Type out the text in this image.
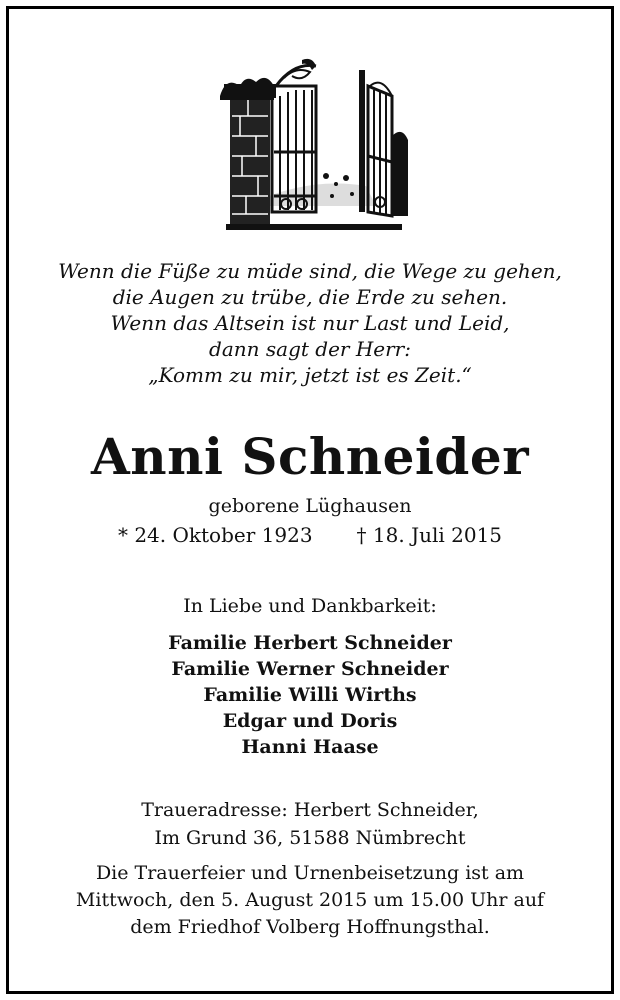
Wenn die Füße zu müde sind, die Wege zu gehen,
die Augen zu trübe, die Erde zu sehen.
Wenn das Altsein ist nur Last und Leid,
dann sagt der Herr:
„Komm zu mir, jetzt ist es Zeit.“
Anni Schneider
geborene Lüghausen
* 24. Oktober 1923 † 18. Juli 2015
In Liebe und Dankbarkeit:
Familie Herbert Schneider
Familie Werner Schneider
Familie Willi Wirths
Edgar und Doris
Hanni Haase
Traueradresse: Herbert Schneider,
Im Grund 36, 51588 Nümbrecht
Die Trauerfeier und Urnenbeisetzung ist am
Mittwoch, den 5. August 2015 um 15.00 Uhr auf
dem Friedhof Volberg Hoffnungsthal.
